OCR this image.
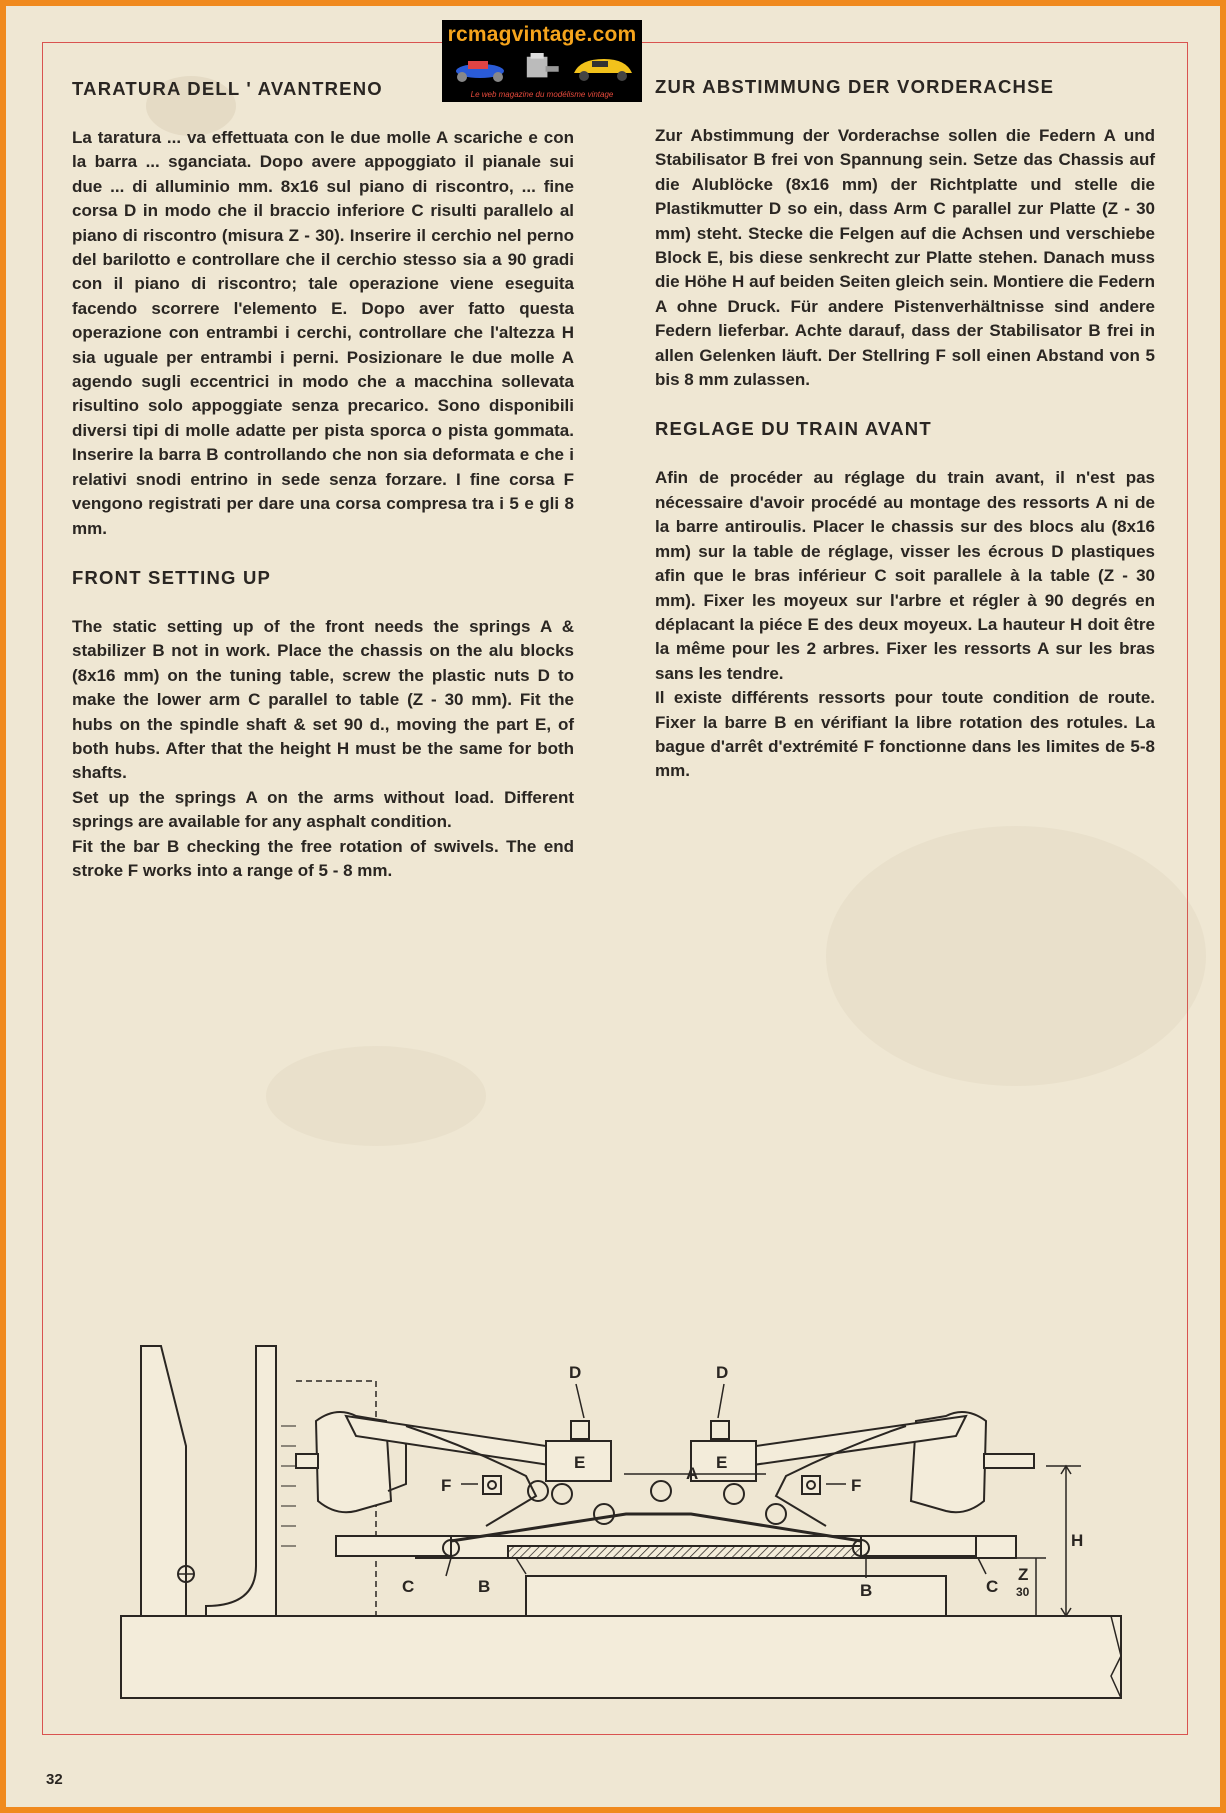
rcmagvintage.com
Le web magazine du modélisme vintage
TARATURA DELL ' AVANTRENO

La taratura ... va effettuata con le due molle A scariche e con la barra ... sganciata. Dopo avere appoggiato il pianale sui due ... di alluminio mm. 8x16 sul piano di riscontro, ... fine corsa D in modo che il braccio inferiore C risulti parallelo al piano di riscontro (misura Z - 30). Inserire il cerchio nel perno del barilotto e controllare che il cerchio stesso sia a 90 gradi con il piano di riscontro; tale operazione viene eseguita facendo scorrere l'elemento E. Dopo aver fatto questa operazione con entrambi i cerchi, controllare che l'altezza H sia uguale per entrambi i perni. Posizionare le due molle A agendo sugli eccentrici in modo che a macchina sollevata risultino solo appoggiate senza precarico. Sono disponibili diversi tipi di molle adatte per pista sporca o pista gommata. Inserire la barra B controllando che non sia deformata e che i relativi snodi entrino in sede senza forzare. I fine corsa F vengono registrati per dare una corsa compresa tra i 5 e gli 8 mm.

FRONT SETTING UP

The static setting up of the front needs the springs A & stabilizer B not in work. Place the chassis on the alu blocks (8x16 mm) on the tuning table, screw the plastic nuts D to make the lower arm C parallel to table (Z - 30 mm). Fit the hubs on the spindle shaft & set 90 d., moving the part E, of both hubs. After that the height H must be the same for both shafts.

Set up the springs A on the arms without load. Different springs are available for any asphalt condition.

Fit the bar B checking the free rotation of swivels. The end stroke F works into a range of 5 - 8 mm.

ZUR ABSTIMMUNG DER VORDERACHSE

Zur Abstimmung der Vorderachse sollen die Federn A und Stabilisator B frei von Spannung sein. Setze das Chassis auf die Alublöcke (8x16 mm) der Richtplatte und stelle die Plastikmutter D so ein, dass Arm C parallel zur Platte (Z - 30 mm) steht. Stecke die Felgen auf die Achsen und verschiebe Block E, bis diese senkrecht zur Platte stehen. Danach muss die Höhe H auf beiden Seiten gleich sein. Montiere die Federn A ohne Druck. Für andere Pistenverhältnisse sind andere Federn lieferbar. Achte darauf, dass der Stabilisator B frei in allen Gelenken läuft. Der Stellring F soll einen Abstand von 5 bis 8 mm zulassen.

REGLAGE DU TRAIN AVANT

Afin de procéder au réglage du train avant, il n'est pas nécessaire d'avoir procédé au montage des ressorts A ni de la barre antiroulis. Placer le chassis sur des blocs alu (8x16 mm) sur la table de réglage, visser les écrous D plastiques afin que le bras inférieur C soit parallele à la table (Z - 30 mm). Fixer les moyeux sur l'arbre et régler à 90 degrés en déplacant la piéce E des deux moyeux. La hauteur H doit être la même pour les 2 arbres. Fixer les ressorts A sur les bras sans les tendre.

Il existe différents ressorts pour toute condition de route. Fixer la barre B en vérifiant la libre rotation des rotules. La bague d'arrêt d'extrémité F fonctionne dans les limites de 5-8 mm.

D	D
E	E
A
F	F
C	B	B	C
H
Z
30
32
